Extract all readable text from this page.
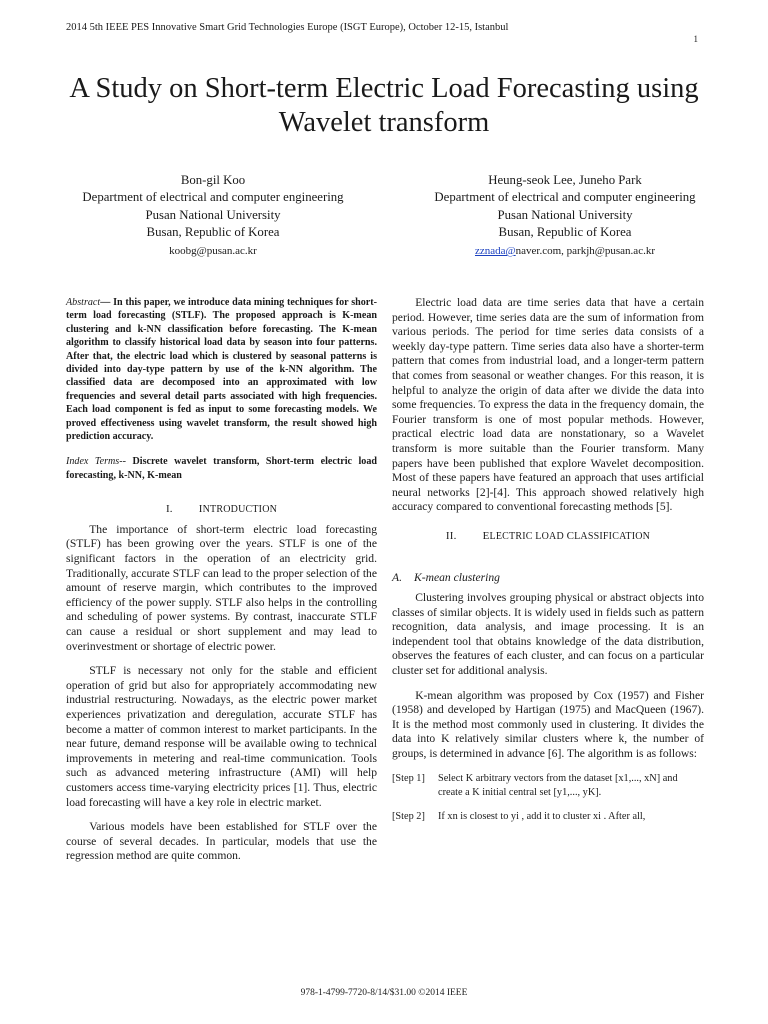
2014 5th IEEE PES Innovative Smart Grid Technologies Europe (ISGT Europe), October 12-15, Istanbul
1
A Study on Short-term Electric Load Forecasting using
Wavelet transform
Bon-gil Koo
Department of electrical and computer engineering
Pusan National University
Busan, Republic of Korea
koobg@pusan.ac.kr
Heung-seok Lee, Juneho Park
Department of electrical and computer engineering
Pusan National University
Busan, Republic of Korea
zznada@naver.com, parkjh@pusan.ac.kr

Abstract— In this paper, we introduce data mining techniques for short-term load forecasting (STLF). The proposed approach is K-mean clustering and k-NN classification before forecasting. The K-mean algorithm to classify historical load data by season into four patterns. After that, the electric load which is clustered by seasonal patterns is divided into day-type pattern by use of the k-NN algorithm. The classified data are decomposed into an approximated with low frequencies and several detail parts associated with high frequencies. Each load component is fed as input to some forecasting models. We proved effectiveness using wavelet transform, the result showed high prediction accuracy.

Index Terms-- Discrete wavelet transform, Short-term electric load forecasting, k-NN, K-mean

I. INTRODUCTION

The importance of short-term electric load forecasting (STLF) has been growing over the years. STLF is one of the significant factors in the operation of an electricity grid. Traditionally, accurate STLF can lead to the proper selection of the amount of reserve margin, which contributes to the improved efficiency of the power supply. STLF also helps in the controlling and scheduling of power systems. By contrast, inaccurate STLF can cause a residual or short supplement and may lead to overinvestment or shortage of electric power.

STLF is necessary not only for the stable and efficient operation of grid but also for appropriately accommodating new industrial restructuring. Nowadays, as the electric power market experiences privatization and deregulation, accurate STLF has become a matter of common interest to market participants. In the near future, demand response will be available owing to technical improvements in metering and real-time communication. Tools such as advanced metering infrastructure (AMI) will help customers access time-varying electricity prices [1]. Thus, electric load forecasting will have a key role in electric market.

Various models have been established for STLF over the course of several decades. In particular, models that use the regression method are quite common.

Electric load data are time series data that have a certain period. However, time series data are the sum of information from various periods. The period for time series data consists of a weekly day-type pattern. Time series data also have a shorter-term pattern that comes from industrial load, and a longer-term pattern that comes from seasonal or weather changes. For this reason, it is helpful to analyze the origin of data after we divide the data into some frequencies. To express the data in the frequency domain, the Fourier transform is one of most popular methods. However, practical electric load data are nonstationary, so a Wavelet transform is more suitable than the Fourier transform. Many papers have been published that explore Wavelet decomposition. Most of these papers have featured an approach that uses artificial neural networks [2]-[4]. This approach showed relatively high accuracy compared to conventional forecasting methods [5].

II. ELECTRIC LOAD CLASSIFICATION
A. K-mean clustering

Clustering involves grouping physical or abstract objects into classes of similar objects. It is widely used in fields such as pattern recognition, data analysis, and image processing. It is an independent tool that obtains knowledge of the data distribution, observes the features of each cluster, and can focus on a particular cluster set for additional analysis.

K-mean algorithm was proposed by Cox (1957) and Fisher (1958) and developed by Hartigan (1975) and MacQueen (1967). It is the method most commonly used in clustering. It divides the data into K relatively similar clusters where k, the number of groups, is determined in advance [6]. The algorithm is as follows:

[Step 1]	Select K arbitrary vectors from the dataset [x1,..., xN] and create a K initial central set [y1,..., yK].
[Step 2]	If xn is closest to yi , add it to cluster xi . After all,
978-1-4799-7720-8/14/$31.00 ©2014 IEEE
